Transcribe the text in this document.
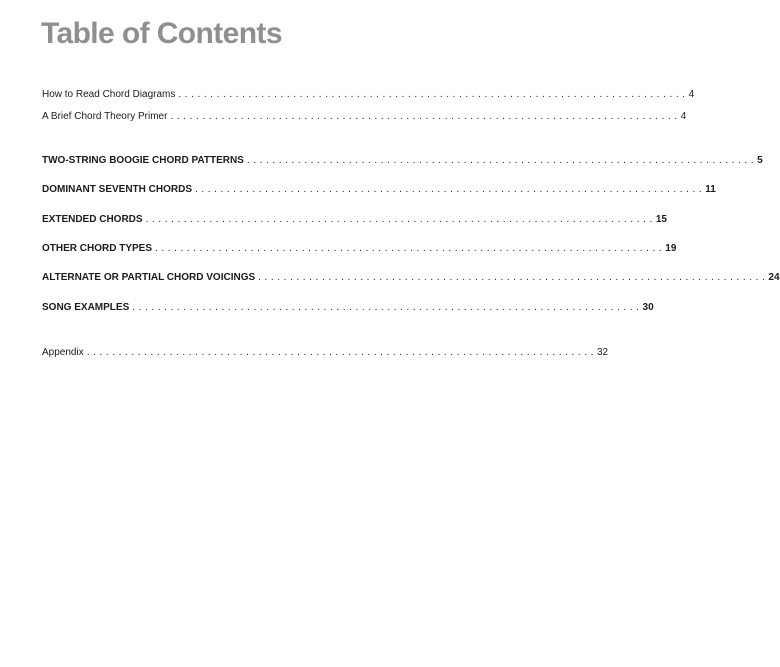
Table of Contents
How to Read Chord Diagrams ................................................................................ 4
A Brief Chord Theory Primer ................................................................................ 4
TWO-STRING BOOGIE CHORD PATTERNS ................................................................................ 5
DOMINANT SEVENTH CHORDS ................................................................................ 11
EXTENDED CHORDS ................................................................................ 15
OTHER CHORD TYPES ................................................................................ 19
ALTERNATE OR PARTIAL CHORD VOICINGS ................................................................................ 24
SONG EXAMPLES ................................................................................ 30
Appendix ................................................................................ 32
